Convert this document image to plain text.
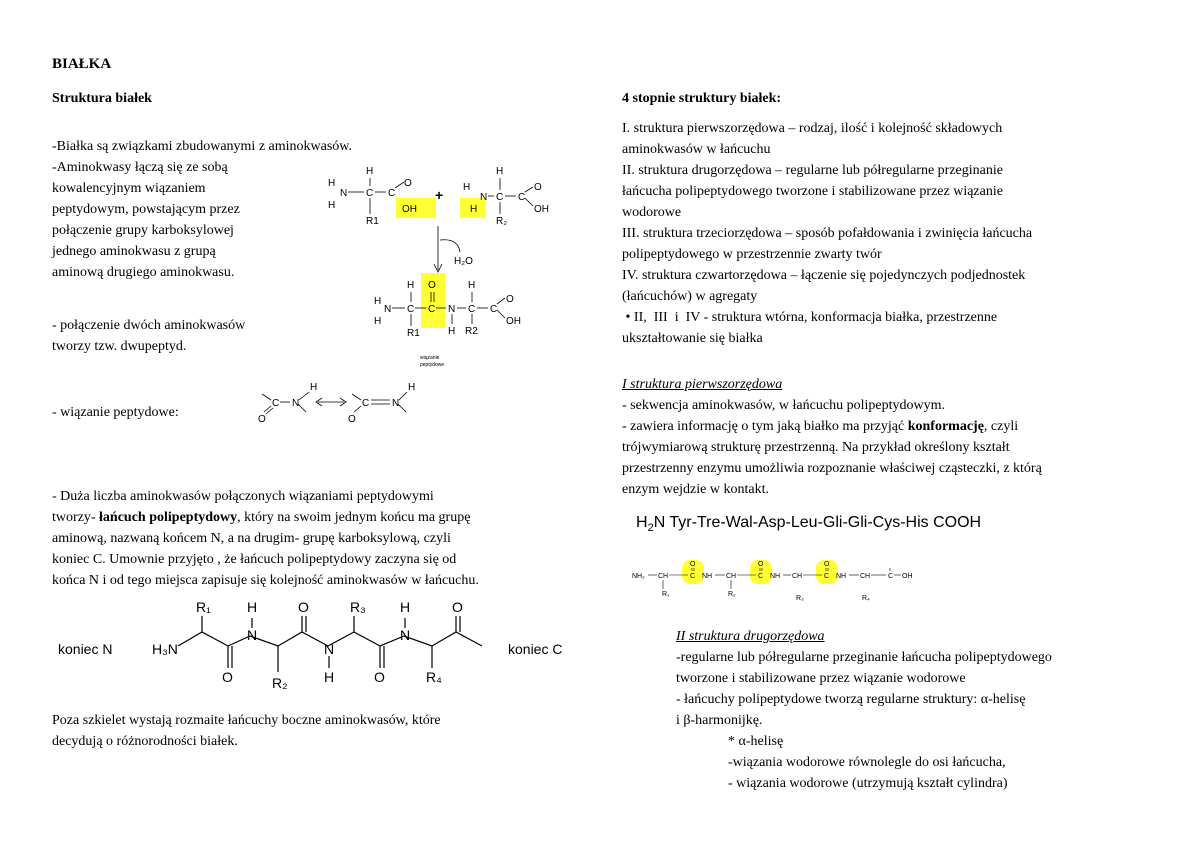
BIAŁKA
Struktura białek
-Białka są związkami zbudowanymi z aminokwasów.
-Aminokwasy łączą się ze sobą
kowalencyjnym wiązaniem
peptydowym, powstającym przez
połączenie grupy karboksylowej
jednego aminokwasu z grupą
aminową drugiego aminokwasu.
- połączenie dwóch aminokwasów
tworzy tzw. dwupeptyd.
- wiązanie peptydowe:
H
N
H
H
C
R1
C
O
OH
+ H
H
N
H
C
R₂
C
O
OH
H₂O
H
N
H
H
C
R1
O
C N
H
H
C
R2
C
O
OH
wiązanie
peptydowe
C N
H
O
C N
H
O
- Duża liczba aminokwasów połączonych wiązaniami peptydowymi
tworzy- łańcuch polipeptydowy, który na swoim jednym końcu ma grupę
aminową, nazwaną końcem N, a na drugim- grupę karboksylową, czyli
koniec C. Umownie przyjęto , że łańcuch polipeptydowy zaczyna się od
końca N i od tego miejsca zapisuje się kolejność aminokwasów w łańcuchu.
koniec N	koniec C
H₃N
R₁
O
H
N
R₂
O
N
H
R₃
O
H
N
R₄
O
Poza szkielet wystają rozmaite łańcuchy boczne aminokwasów, które
decydują o różnorodności białek.
4 stopnie struktury białek:
I. struktura pierwszorzędowa – rodzaj, ilość i kolejność składowych
aminokwasów w łańcuchu
II. struktura drugorzędowa – regularne lub półregularne przeginanie
łańcucha polipeptydowego tworzone i stabilizowane przez wiązanie
wodorowe
III. struktura trzeciorzędowa – sposób pofałdowania i zwinięcia łańcucha
polipeptydowego w przestrzennie zwarty twór
IV. struktura czwartorzędowa – łączenie się pojedynczych podjednostek
(łańcuchów) w agregaty
• II,  III  i  IV - struktura wtórna, konformacja białka, przestrzenne
ukształtowanie się białka
I struktura pierwszorzędowa
- sekwencja aminokwasów, w łańcuchu polipeptydowym.
- zawiera informację o tym jaką białko ma przyjąć konformację, czyli
trójwymiarową strukturę przestrzenną. Na przykład określony kształt
przestrzenny enzymu umożliwia rozpoznanie właściwej cząsteczki, z którą
enzym wejdzie w kontakt.
$H_2N$ Tyr-Tre-Wal-Asp-Leu-Gli-Gli-Cys-His COOH
NH₂ CH
R₁
O
C NH CH
R₂
O
C NH CH
R₃
O
C NH CH
R₄
C OH
II struktura drugorzędowa
-regularne lub półregularne przeginanie łańcucha polipeptydowego
tworzone i stabilizowane przez wiązanie wodorowe
- łańcuchy polipeptydowe tworzą regularne struktury: α-helisę
i β-harmonijkę.
* α-helisę
-wiązania wodorowe równolegle do osi łańcucha,
- wiązania wodorowe (utrzymują kształt cylindra)
